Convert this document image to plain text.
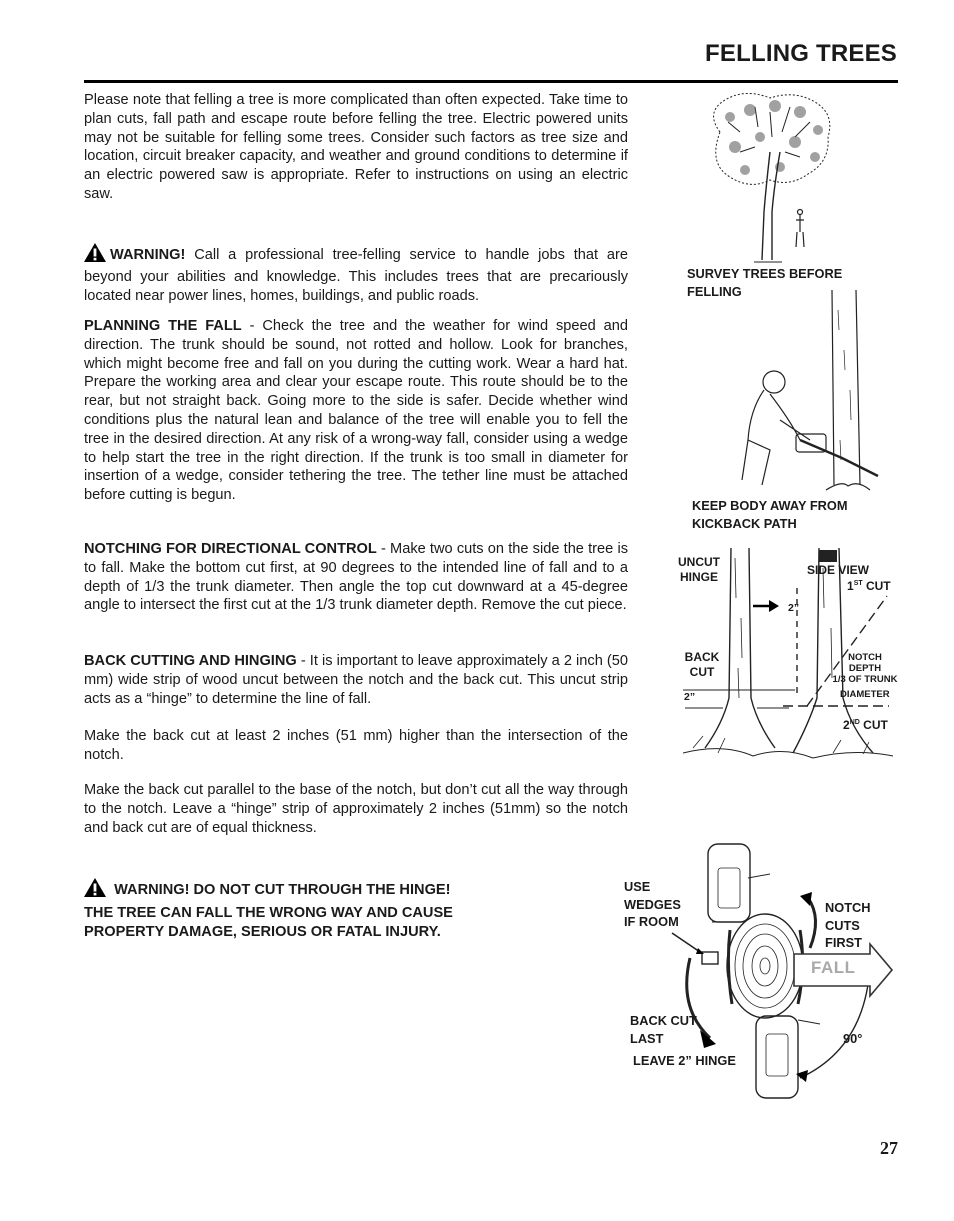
FELLING TREES
Please note that felling a tree is more complicated than often expected. Take time to plan cuts, fall path and escape route before felling the tree. Electric powered units may not be suitable for felling some trees. Consider such factors as tree size and location, circuit breaker capacity, and weather and ground conditions to determine if an electric powered saw is appropriate. Refer to instructions on using an electric saw.
WARNING! Call a professional tree-felling service to handle jobs that are beyond your abilities and knowledge. This includes trees that are precariously located near power lines, homes, buildings, and public roads.
PLANNING THE FALL - Check the tree and the weather for wind speed and direction. The trunk should be sound, not rotted and hollow. Look for branches, which might become free and fall on you during the cutting work. Wear a hard hat. Prepare the working area and clear your escape route. This route should be to the rear, but not straight back. Going more to the side is safer. Decide whether wind conditions plus the natural lean and balance of the tree will enable you to fell the tree in the desired direction. At any risk of a wrong-way fall, consider using a wedge to help start the tree in the right direction. If the trunk is too small in diameter for insertion of a wedge, consider tethering the tree. The tether line must be attached before cutting is begun.
NOTCHING FOR DIRECTIONAL CONTROL - Make two cuts on the side the tree is to fall. Make the bottom cut first, at 90 degrees to the intended line of fall and to a depth of 1/3 the trunk diameter. Then angle the top cut downward at a 45-degree angle to intersect the first cut at the 1/3 trunk diameter depth. Remove the cut piece.
BACK CUTTING AND HINGING - It is important to leave approximately a 2 inch (50 mm) wide strip of wood uncut between the notch and the back cut. This uncut strip acts as a “hinge” to determine the line of fall.
Make the back cut at least 2 inches (51 mm) higher than the intersection of the notch.
Make the back cut parallel to the base of the notch, but don’t cut all the way through to the notch. Leave a “hinge” strip of approximately 2 inches (51mm) so the notch and back cut are of equal thickness.
WARNING! DO NOT CUT THROUGH THE HINGE!
THE TREE CAN FALL THE WRONG WAY AND CAUSE
PROPERTY DAMAGE, SERIOUS OR FATAL INJURY.
SURVEY TREES BEFORE
FELLING
KEEP BODY AWAY FROM
KICKBACK PATH
UNCUT
HINGE	SIDE VIEW
1ST CUT
2”
BACK
CUT
NOTCH
DEPTH
1/3 OF TRUNK
DIAMETER
2”
2ND CUT
FALL
USE
WEDGES
IF ROOM
NOTCH
CUTS
FIRST
BACK CUT
LAST
LEAVE 2” HINGE
90°
27
